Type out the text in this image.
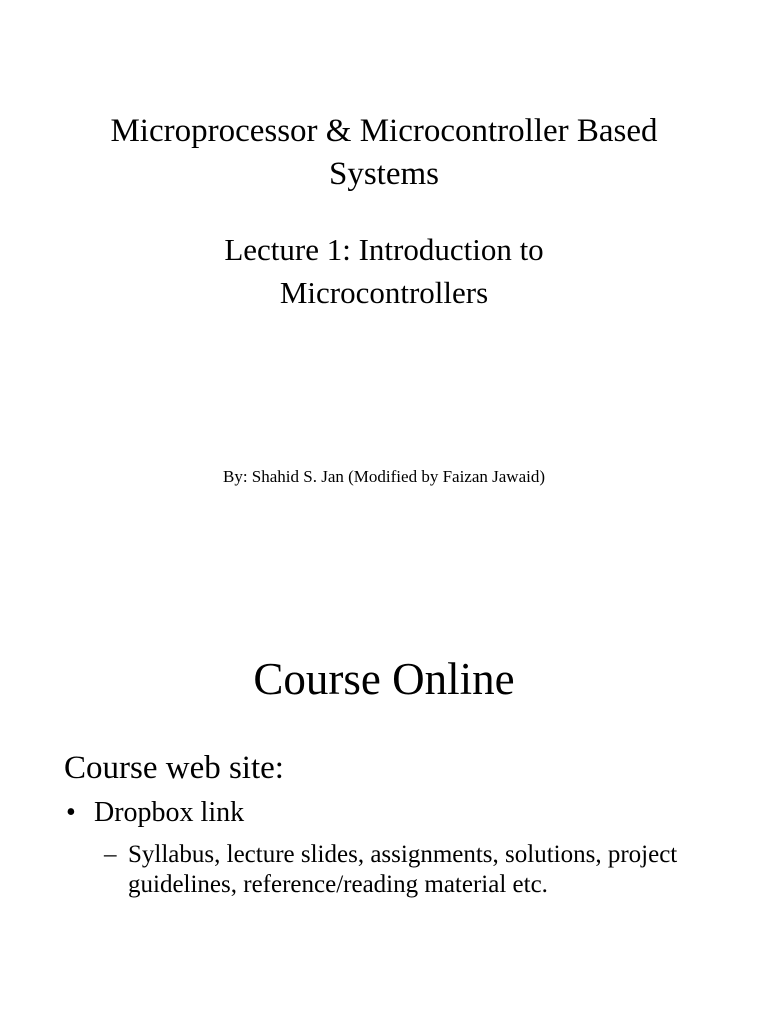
Microprocessor & Microcontroller Based
Systems
Lecture 1: Introduction to
Microcontrollers

By: Shahid S. Jan (Modified by Faizan Jawaid)

Course Online

Course web site:

• Dropbox link
– Syllabus, lecture slides, assignments, solutions, project guidelines, reference/reading material etc.
